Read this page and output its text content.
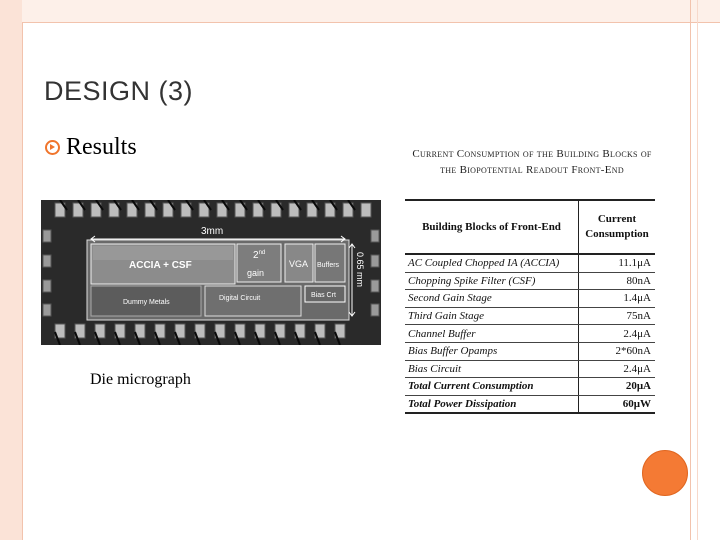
DESIGN (3)
Results
3mm
0.65 mm
ACCIA + CSF
2nd
gain
VGA Buffers
Dummy Metals
Digital Circuit	Bias Crt
Die micrograph
Current Consumption of the Building Blocks of
the Biopotential Readout Front-End
Building Blocks of Front-End	Current Consumption
AC Coupled Chopped IA (ACCIA)	11.1μA
Chopping Spike Filter (CSF)	80nA
Second Gain Stage	1.4μA
Third Gain Stage	75nA
Channel Buffer	2.4μA
Bias Buffer Opamps	2*60nA
Bias Circuit	2.4μA
Total Current Consumption	20μA
Total Power Dissipation	60μW
